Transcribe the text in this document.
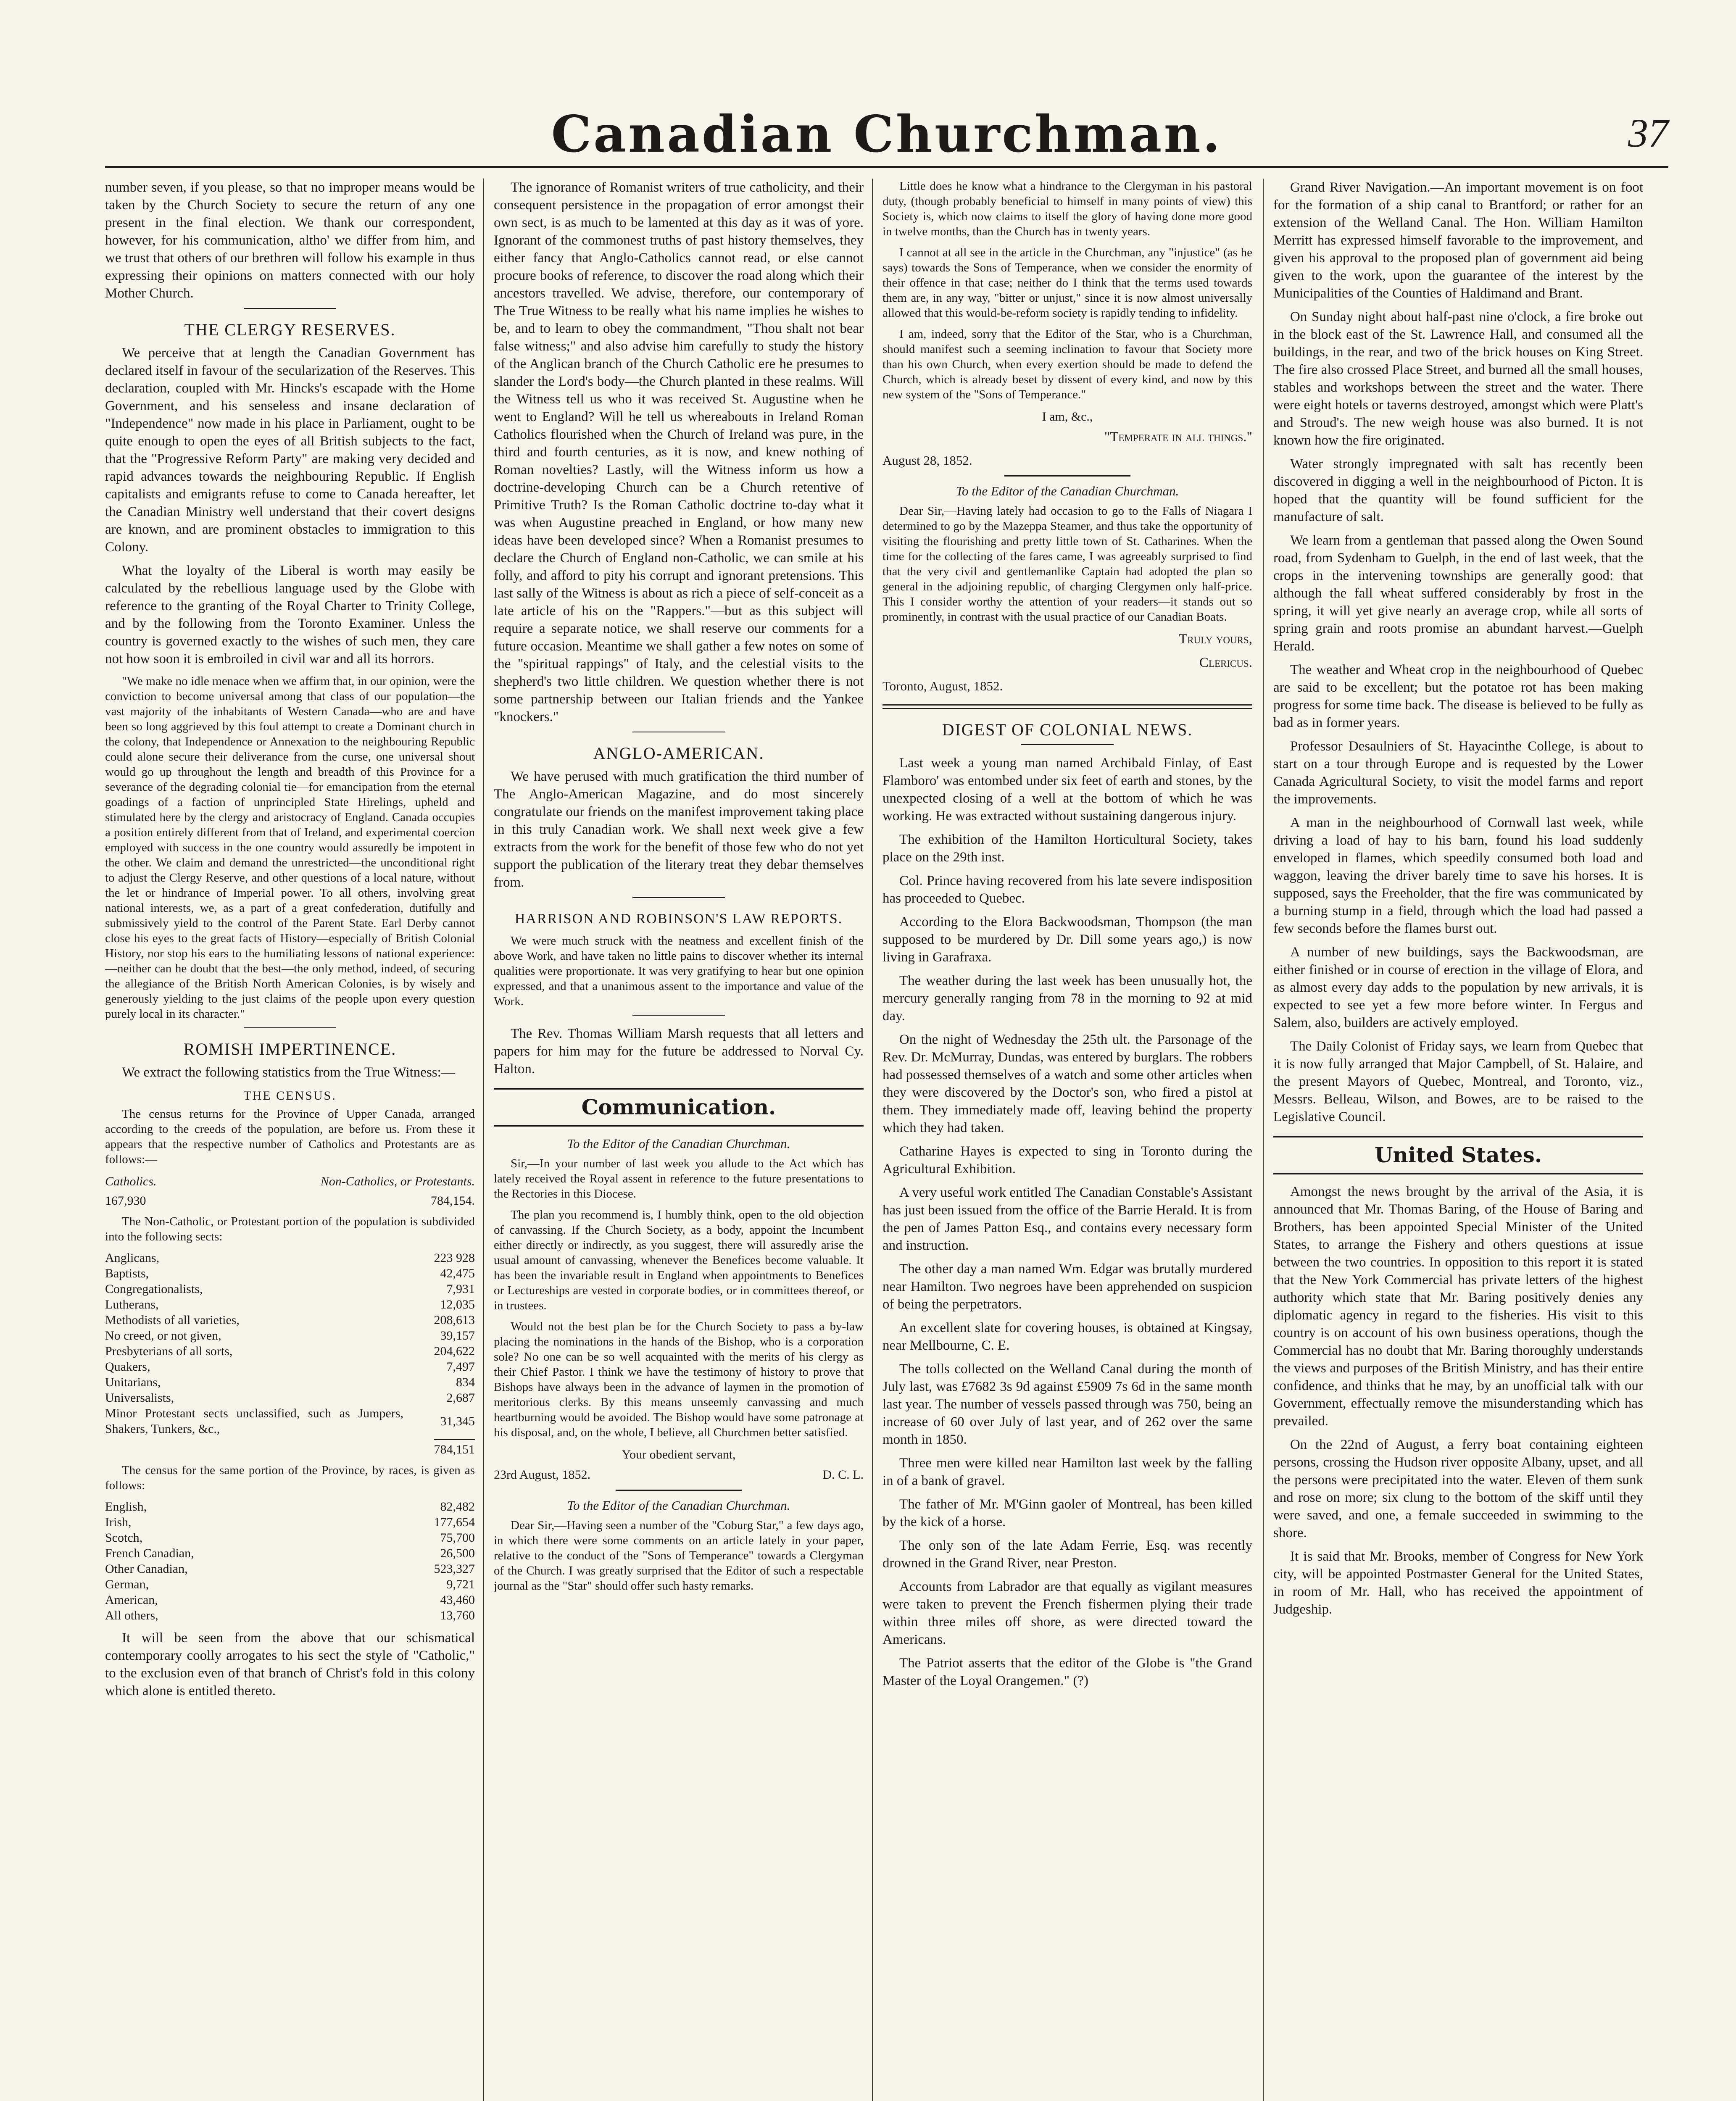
Canadian Churchman.	37

number seven, if you please, so that no improper means would be taken by the Church Society to secure the return of any one present in the final election. We thank our correspondent, however, for his communication, altho' we differ from him, and we trust that others of our brethren will follow his example in thus expressing their opinions on matters connected with our holy Mother Church.

THE CLERGY RESERVES.

We perceive that at length the Canadian Government has declared itself in favour of the secularization of the Reserves. This declaration, coupled with Mr. Hincks's escapade with the Home Government, and his senseless and insane declaration of "Independence" now made in his place in Parliament, ought to be quite enough to open the eyes of all British subjects to the fact, that the "Progressive Reform Party" are making very decided and rapid advances towards the neighbouring Republic. If English capitalists and emigrants refuse to come to Canada hereafter, let the Canadian Ministry well understand that their covert designs are known, and are prominent obstacles to immigration to this Colony.

What the loyalty of the Liberal is worth may easily be calculated by the rebellious language used by the Globe with reference to the granting of the Royal Charter to Trinity College, and by the following from the Toronto Examiner. Unless the country is governed exactly to the wishes of such men, they care not how soon it is embroiled in civil war and all its horrors.

"We make no idle menace when we affirm that, in our opinion, were the conviction to become universal among that class of our population—the vast majority of the inhabitants of Western Canada—who are and have been so long aggrieved by this foul attempt to create a Dominant church in the colony, that Independence or Annexation to the neighbouring Republic could alone secure their deliverance from the curse, one universal shout would go up throughout the length and breadth of this Province for a severance of the degrading colonial tie—for emancipation from the eternal goadings of a faction of unprincipled State Hirelings, upheld and stimulated here by the clergy and aristocracy of England. Canada occupies a position entirely different from that of Ireland, and experimental coercion employed with success in the one country would assuredly be impotent in the other. We claim and demand the unrestricted—the unconditional right to adjust the Clergy Reserve, and other questions of a local nature, without the let or hindrance of Imperial power. To all others, involving great national interests, we, as a part of a great confederation, dutifully and submissively yield to the control of the Parent State. Earl Derby cannot close his eyes to the great facts of History—especially of British Colonial History, nor stop his ears to the humiliating lessons of national experience:—neither can he doubt that the best—the only method, indeed, of securing the allegiance of the British North American Colonies, is by wisely and generously yielding to the just claims of the people upon every question purely local in its character."

ROMISH IMPERTINENCE.

We extract the following statistics from the True Witness:—

THE CENSUS.

The census returns for the Province of Upper Canada, arranged according to the creeds of the population, are before us. From these it appears that the respective number of Catholics and Protestants are as follows:—

Catholics.	Non-Catholics, or Protestants.
167,930	784,154.

The Non-Catholic, or Protestant portion of the population is subdivided into the following sects:

Anglicans,	223 928
Baptists,	42,475
Congregationalists,	7,931
Lutherans,	12,035
Methodists of all varieties,	208,613
No creed, or not given,	39,157
Presbyterians of all sorts,	204,622
Quakers,	7,497
Unitarians,	834
Universalists,	2,687
Minor Protestant sects unclassified, such as Jumpers, Shakers, Tunkers, &c.,	31,345
784,151

The census for the same portion of the Province, by races, is given as follows:

English,	82,482
Irish,	177,654
Scotch,	75,700
French Canadian,	26,500
Other Canadian,	523,327
German,	9,721
American,	43,460
All others,	13,760

It will be seen from the above that our schismatical contemporary coolly arrogates to his sect the style of "Catholic," to the exclusion even of that branch of Christ's fold in this colony which alone is entitled thereto.

The ignorance of Romanist writers of true catholicity, and their consequent persistence in the propagation of error amongst their own sect, is as much to be lamented at this day as it was of yore. Ignorant of the commonest truths of past history themselves, they either fancy that Anglo-Catholics cannot read, or else cannot procure books of reference, to discover the road along which their ancestors travelled. We advise, therefore, our contemporary of The True Witness to be really what his name implies he wishes to be, and to learn to obey the commandment, "Thou shalt not bear false witness;" and also advise him carefully to study the history of the Anglican branch of the Church Catholic ere he presumes to slander the Lord's body—the Church planted in these realms. Will the Witness tell us who it was received St. Augustine when he went to England? Will he tell us whereabouts in Ireland Roman Catholics flourished when the Church of Ireland was pure, in the third and fourth centuries, as it is now, and knew nothing of Roman novelties? Lastly, will the Witness inform us how a doctrine-developing Church can be a Church retentive of Primitive Truth? Is the Roman Catholic doctrine to-day what it was when Augustine preached in England, or how many new ideas have been developed since? When a Romanist presumes to declare the Church of England non-Catholic, we can smile at his folly, and afford to pity his corrupt and ignorant pretensions. This last sally of the Witness is about as rich a piece of self-conceit as a late article of his on the "Rappers."—but as this subject will require a separate notice, we shall reserve our comments for a future occasion. Meantime we shall gather a few notes on some of the "spiritual rappings" of Italy, and the celestial visits to the shepherd's two little children. We question whether there is not some partnership between our Italian friends and the Yankee "knockers."

ANGLO-AMERICAN.

We have perused with much gratification the third number of The Anglo-American Magazine, and do most sincerely congratulate our friends on the manifest improvement taking place in this truly Canadian work. We shall next week give a few extracts from the work for the benefit of those few who do not yet support the publication of the literary treat they debar themselves from.

HARRISON AND ROBINSON'S LAW REPORTS.

We were much struck with the neatness and excellent finish of the above Work, and have taken no little pains to discover whether its internal qualities were proportionate. It was very gratifying to hear but one opinion expressed, and that a unanimous assent to the importance and value of the Work.

The Rev. Thomas William Marsh requests that all letters and papers for him may for the future be addressed to Norval Cy. Halton.

Communication.
To the Editor of the Canadian Churchman.

Sir,—In your number of last week you allude to the Act which has lately received the Royal assent in reference to the future presentations to the Rectories in this Diocese.

The plan you recommend is, I humbly think, open to the old objection of canvassing. If the Church Society, as a body, appoint the Incumbent either directly or indirectly, as you suggest, there will assuredly arise the usual amount of canvassing, whenever the Benefices become valuable. It has been the invariable result in England when appointments to Benefices or Lectureships are vested in corporate bodies, or in committees thereof, or in trustees.

Would not the best plan be for the Church Society to pass a by-law placing the nominations in the hands of the Bishop, who is a corporation sole? No one can be so well acquainted with the merits of his clergy as their Chief Pastor. I think we have the testimony of history to prove that Bishops have always been in the advance of laymen in the promotion of meritorious clerks. By this means unseemly canvassing and much heartburning would be avoided. The Bishop would have some patronage at his disposal, and, on the whole, I believe, all Churchmen better satisfied.

Your obedient servant,
23rd August, 1852.	D. C. L.
To the Editor of the Canadian Churchman.

Dear Sir,—Having seen a number of the "Coburg Star," a few days ago, in which there were some comments on an article lately in your paper, relative to the conduct of the "Sons of Temperance" towards a Clergyman of the Church. I was greatly surprised that the Editor of such a respectable journal as the "Star" should offer such hasty remarks.

Little does he know what a hindrance to the Clergyman in his pastoral duty, (though probably beneficial to himself in many points of view) this Society is, which now claims to itself the glory of having done more good in twelve months, than the Church has in twenty years.

I cannot at all see in the article in the Churchman, any "injustice" (as he says) towards the Sons of Temperance, when we consider the enormity of their offence in that case; neither do I think that the terms used towards them are, in any way, "bitter or unjust," since it is now almost universally allowed that this would-be-reform society is rapidly tending to infidelity.

I am, indeed, sorry that the Editor of the Star, who is a Churchman, should manifest such a seeming inclination to favour that Society more than his own Church, when every exertion should be made to defend the Church, which is already beset by dissent of every kind, and now by this new system of the "Sons of Temperance."

I am, &c.,
"Temperate in all things."
August 28, 1852.
To the Editor of the Canadian Churchman.

Dear Sir,—Having lately had occasion to go to the Falls of Niagara I determined to go by the Mazeppa Steamer, and thus take the opportunity of visiting the flourishing and pretty little town of St. Catharines. When the time for the collecting of the fares came, I was agreeably surprised to find that the very civil and gentlemanlike Captain had adopted the plan so general in the adjoining republic, of charging Clergymen only half-price. This I consider worthy the attention of your readers—it stands out so prominently, in contrast with the usual practice of our Canadian Boats.

Truly yours,
Clericus.
Toronto, August, 1852.
DIGEST OF COLONIAL NEWS.

Last week a young man named Archibald Finlay, of East Flamboro' was entombed under six feet of earth and stones, by the unexpected closing of a well at the bottom of which he was working. He was extracted without sustaining dangerous injury.

The exhibition of the Hamilton Horticultural Society, takes place on the 29th inst.

Col. Prince having recovered from his late severe indisposition has proceeded to Quebec.

According to the Elora Backwoodsman, Thompson (the man supposed to be murdered by Dr. Dill some years ago,) is now living in Garafraxa.

The weather during the last week has been unusually hot, the mercury generally ranging from 78 in the morning to 92 at mid day.

On the night of Wednesday the 25th ult. the Parsonage of the Rev. Dr. McMurray, Dundas, was entered by burglars. The robbers had possessed themselves of a watch and some other articles when they were discovered by the Doctor's son, who fired a pistol at them. They immediately made off, leaving behind the property which they had taken.

Catharine Hayes is expected to sing in Toronto during the Agricultural Exhibition.

A very useful work entitled The Canadian Constable's Assistant has just been issued from the office of the Barrie Herald. It is from the pen of James Patton Esq., and contains every necessary form and instruction.

The other day a man named Wm. Edgar was brutally murdered near Hamilton. Two negroes have been apprehended on suspicion of being the perpetrators.

An excellent slate for covering houses, is obtained at Kingsay, near Mellbourne, C. E.

The tolls collected on the Welland Canal during the month of July last, was £7682 3s 9d against £5909 7s 6d in the same month last year. The number of vessels passed through was 750, being an increase of 60 over July of last year, and of 262 over the same month in 1850.

Three men were killed near Hamilton last week by the falling in of a bank of gravel.

The father of Mr. M'Ginn gaoler of Montreal, has been killed by the kick of a horse.

The only son of the late Adam Ferrie, Esq. was recently drowned in the Grand River, near Preston.

Accounts from Labrador are that equally as vigilant measures were taken to prevent the French fishermen plying their trade within three miles off shore, as were directed toward the Americans.

The Patriot asserts that the editor of the Globe is "the Grand Master of the Loyal Orangemen." (?)

Grand River Navigation.—An important movement is on foot for the formation of a ship canal to Brantford; or rather for an extension of the Welland Canal. The Hon. William Hamilton Merritt has expressed himself favorable to the improvement, and given his approval to the proposed plan of government aid being given to the work, upon the guarantee of the interest by the Municipalities of the Counties of Haldimand and Brant.

On Sunday night about half-past nine o'clock, a fire broke out in the block east of the St. Lawrence Hall, and consumed all the buildings, in the rear, and two of the brick houses on King Street. The fire also crossed Place Street, and burned all the small houses, stables and workshops between the street and the water. There were eight hotels or taverns destroyed, amongst which were Platt's and Stroud's. The new weigh house was also burned. It is not known how the fire originated.

Water strongly impregnated with salt has recently been discovered in digging a well in the neighbourhood of Picton. It is hoped that the quantity will be found sufficient for the manufacture of salt.

We learn from a gentleman that passed along the Owen Sound road, from Sydenham to Guelph, in the end of last week, that the crops in the intervening townships are generally good: that although the fall wheat suffered considerably by frost in the spring, it will yet give nearly an average crop, while all sorts of spring grain and roots promise an abundant harvest.—Guelph Herald.

The weather and Wheat crop in the neighbourhood of Quebec are said to be excellent; but the potatoe rot has been making progress for some time back. The disease is believed to be fully as bad as in former years.

Professor Desaulniers of St. Hayacinthe College, is about to start on a tour through Europe and is requested by the Lower Canada Agricultural Society, to visit the model farms and report the improvements.

A man in the neighbourhood of Cornwall last week, while driving a load of hay to his barn, found his load suddenly enveloped in flames, which speedily consumed both load and waggon, leaving the driver barely time to save his horses. It is supposed, says the Freeholder, that the fire was communicated by a burning stump in a field, through which the load had passed a few seconds before the flames burst out.

A number of new buildings, says the Backwoodsman, are either finished or in course of erection in the village of Elora, and as almost every day adds to the population by new arrivals, it is expected to see yet a few more before winter. In Fergus and Salem, also, builders are actively employed.

The Daily Colonist of Friday says, we learn from Quebec that it is now fully arranged that Major Campbell, of St. Halaire, and the present Mayors of Quebec, Montreal, and Toronto, viz., Messrs. Belleau, Wilson, and Bowes, are to be raised to the Legislative Council.

United States.

Amongst the news brought by the arrival of the Asia, it is announced that Mr. Thomas Baring, of the House of Baring and Brothers, has been appointed Special Minister of the United States, to arrange the Fishery and others questions at issue between the two countries. In opposition to this report it is stated that the New York Commercial has private letters of the highest authority which state that Mr. Baring positively denies any diplomatic agency in regard to the fisheries. His visit to this country is on account of his own business operations, though the Commercial has no doubt that Mr. Baring thoroughly understands the views and purposes of the British Ministry, and has their entire confidence, and thinks that he may, by an unofficial talk with our Government, effectually remove the misunderstanding which has prevailed.

On the 22nd of August, a ferry boat containing eighteen persons, crossing the Hudson river opposite Albany, upset, and all the persons were precipitated into the water. Eleven of them sunk and rose on more; six clung to the bottom of the skiff until they were saved, and one, a female succeeded in swimming to the shore.

It is said that Mr. Brooks, member of Congress for New York city, will be appointed Postmaster General for the United States, in room of Mr. Hall, who has received the appointment of Judgeship.
